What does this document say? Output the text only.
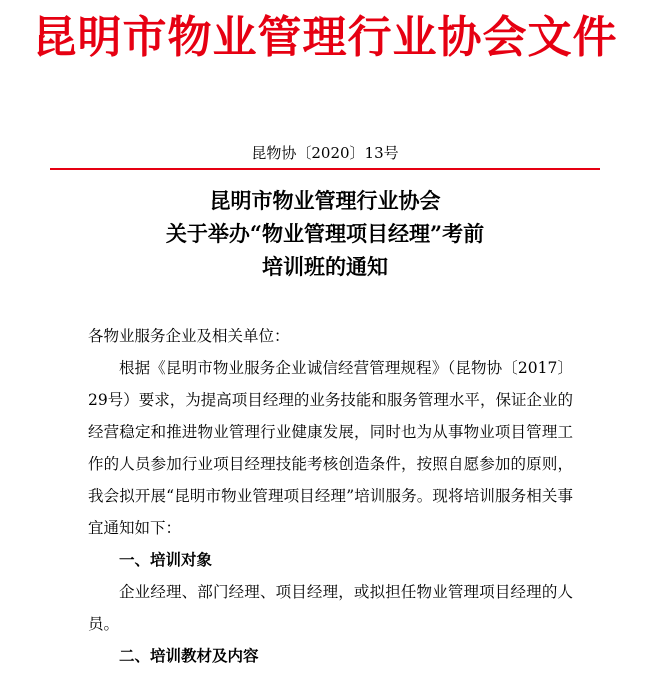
昆明市物业管理行业协会文件
昆物协〔2020〕13号
昆明市物业管理行业协会
关于举办“物业管理项目经理”考前
培训班的通知

各物业服务企业及相关单位：

根据《昆明市物业服务企业诚信经营管理规程》（昆物协〔2017〕29号）要求，为提高项目经理的业务技能和服务管理水平，保证企业的经营稳定和推进物业管理行业健康发展，同时也为从事物业项目管理工作的人员参加行业项目经理技能考核创造条件，按照自愿参加的原则，我会拟开展“昆明市物业管理项目经理”培训服务。现将培训服务相关事宜通知如下：

一、培训对象

企业经理、部门经理、项目经理，或拟担任物业管理项目经理的人员。

二、培训教材及内容
